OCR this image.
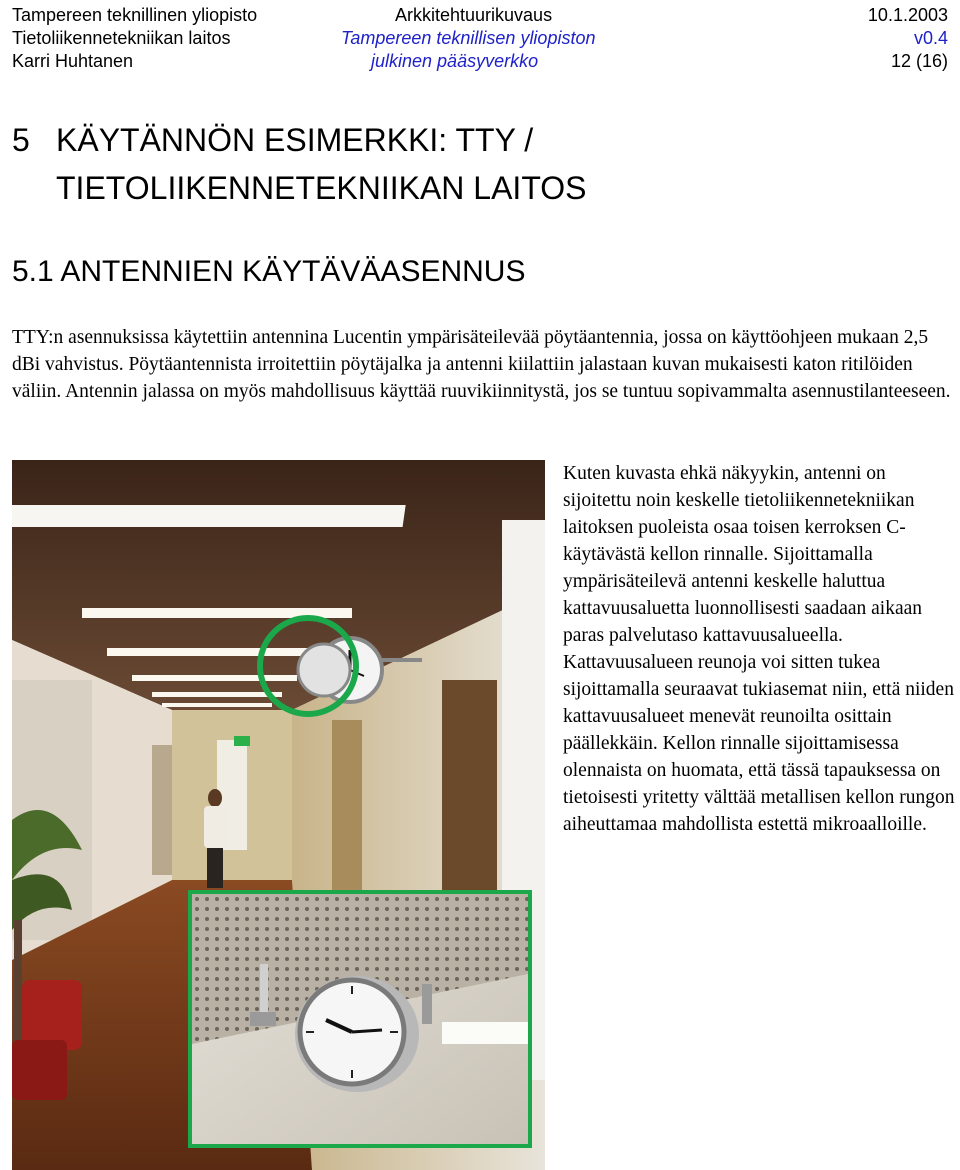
Tampereen teknillinen yliopisto
Tietoliikennetekniikan laitos
Karri Huhtanen
Arkkitehtuurikuvaus
Tampereen teknillisen yliopiston
julkinen pääsyverkko
10.1.2003
v0.4
12 (16)
5 KÄYTÄNNÖN ESIMERKKI: TTY /
TIETOLIIKENNETEKNIIKAN LAITOS
5.1 ANTENNIEN KÄYTÄVÄASENNUS

TTY:n asennuksissa käytettiin antennina Lucentin ympärisäteilevää pöytäantennia, jossa on käyttöohjeen mukaan 2,5 dBi vahvistus. Pöytäantennista irroitettiin pöytäjalka ja antenni kiilattiin jalastaan kuvan mukaisesti katon ritilöiden väliin. Antennin jalassa on myös mahdollisuus käyttää ruuvikiinnitystä, jos se tuntuu sopivammalta asennustilanteeseen.

Kuten kuvasta ehkä näkyykin, antenni on sijoitettu noin keskelle tietoliikennetekniikan laitoksen puoleista osaa toisen kerroksen C-käytävästä kellon rinnalle. Sijoittamalla ympärisäteilevä antenni keskelle haluttua kattavuusaluetta luonnollisesti saadaan aikaan paras palvelutaso kattavuusalueella. Kattavuusalueen reunoja voi sitten tukea sijoittamalla seuraavat tukiasemat niin, että niiden kattavuusalueet menevät reunoilta osittain päällekkäin. Kellon rinnalle sijoittamisessa olennaista on huomata, että tässä tapauksessa on tietoisesti yritetty välttää metallisen kellon rungon aiheuttamaa mahdollista estettä mikroaalloille.
